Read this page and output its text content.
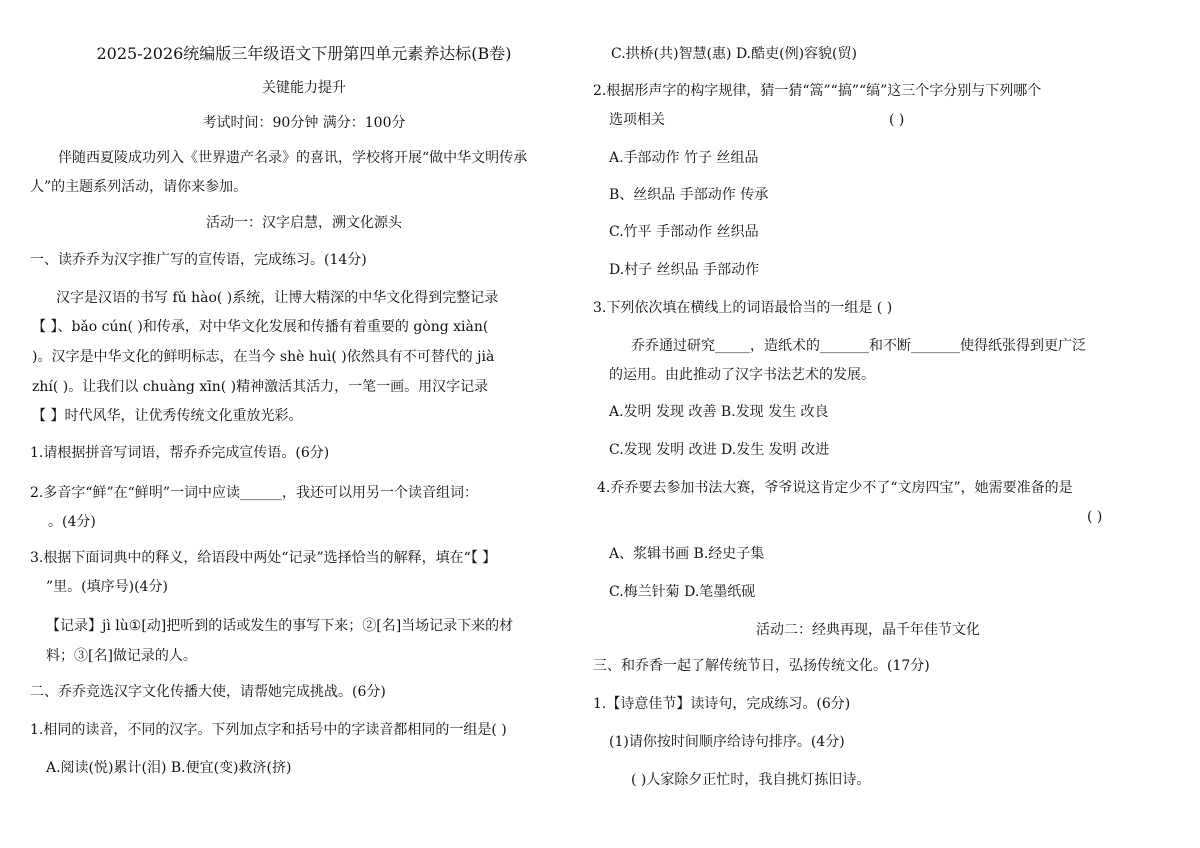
2025-2026统编版三年级语文下册第四单元素养达标(B卷)
关键能力提升
考试时间：90分钟 满分：100分
伴随西夏陵成功列入《世界遗产名录》的喜讯，学校将开展“做中华文明传承
人”的主题系列活动，请你来参加。
活动一：汉字启慧，溯文化源头
一、读乔乔为汉字推广写的宣传语，完成练习。(14分)
汉字是汉语的书写 fǔ hào( )系统，让博大精深的中华文化得到完整记录
【 】、bǎo cún( )和传承，对中华文化发展和传播有着重要的 gòng xiàn(
)。汉字是中华文化的鲜明标志，在当今 shè huì( )依然具有不可替代的 jià
zhí( )。让我们以 chuàng xīn( )精神激活其活力，一笔一画。用汉字记录
【 】时代风华，让优秀传统文化重放光彩。
1.请根据拼音写词语，帮乔乔完成宣传语。(6分)
2.多音字“鲜”在“鲜明”一词中应读______，我还可以用另一个读音组词：
。(4分)
3.根据下面词典中的释义，给语段中两处“记录”选择恰当的解释，填在“【 】
”里。(填序号)(4分)
【记录】jì lù①[动]把听到的话或发生的事写下来；②[名]当场记录下来的材
料；③[名]做记录的人。
二、乔乔竞选汉字文化传播大使，请帮她完成挑战。(6分)
1.相同的读音，不同的汉字。下列加点字和括号中的字读音都相同的一组是( )
A.阅读(悦)累计(泪) B.便宜(变)救济(挤)
C.拱桥(共)智慧(惠) D.酷吏(例)容貌(贸)
2.根据形声字的构字规律，猜一猜“篙”“搞”“缟”这三个字分别与下列哪个
选项相关	( )
A.手部动作 竹子 丝组品
B、丝织品 手部动作 传承
C.竹平 手部动作 丝织品
D.村子 丝织品 手部动作
3.下列依次填在横线上的词语最恰当的一组是 ( )
乔乔通过研究_____，造纸术的_______和不断_______使得纸张得到更广泛
的运用。由此推动了汉字书法艺术的发展。
A.发明 发现 改善 B.发现 发生 改良
C.发现 发明 改进 D.发生 发明 改进
4.乔乔要去参加书法大赛，爷爷说这肯定少不了“文房四宝”，她需要准备的是
( )
A、浆辑书画 B.经史子集
C.梅兰针菊 D.笔墨纸砚
活动二：经典再现，晶千年佳节文化
三、和乔香一起了解传统节日，弘扬传统文化。(17分)
1.【诗意佳节】读诗句，完成练习。(6分)
(1)请你按时间顺序给诗句排序。(4分)
( )人家除夕正忙时，我自挑灯拣旧诗。
